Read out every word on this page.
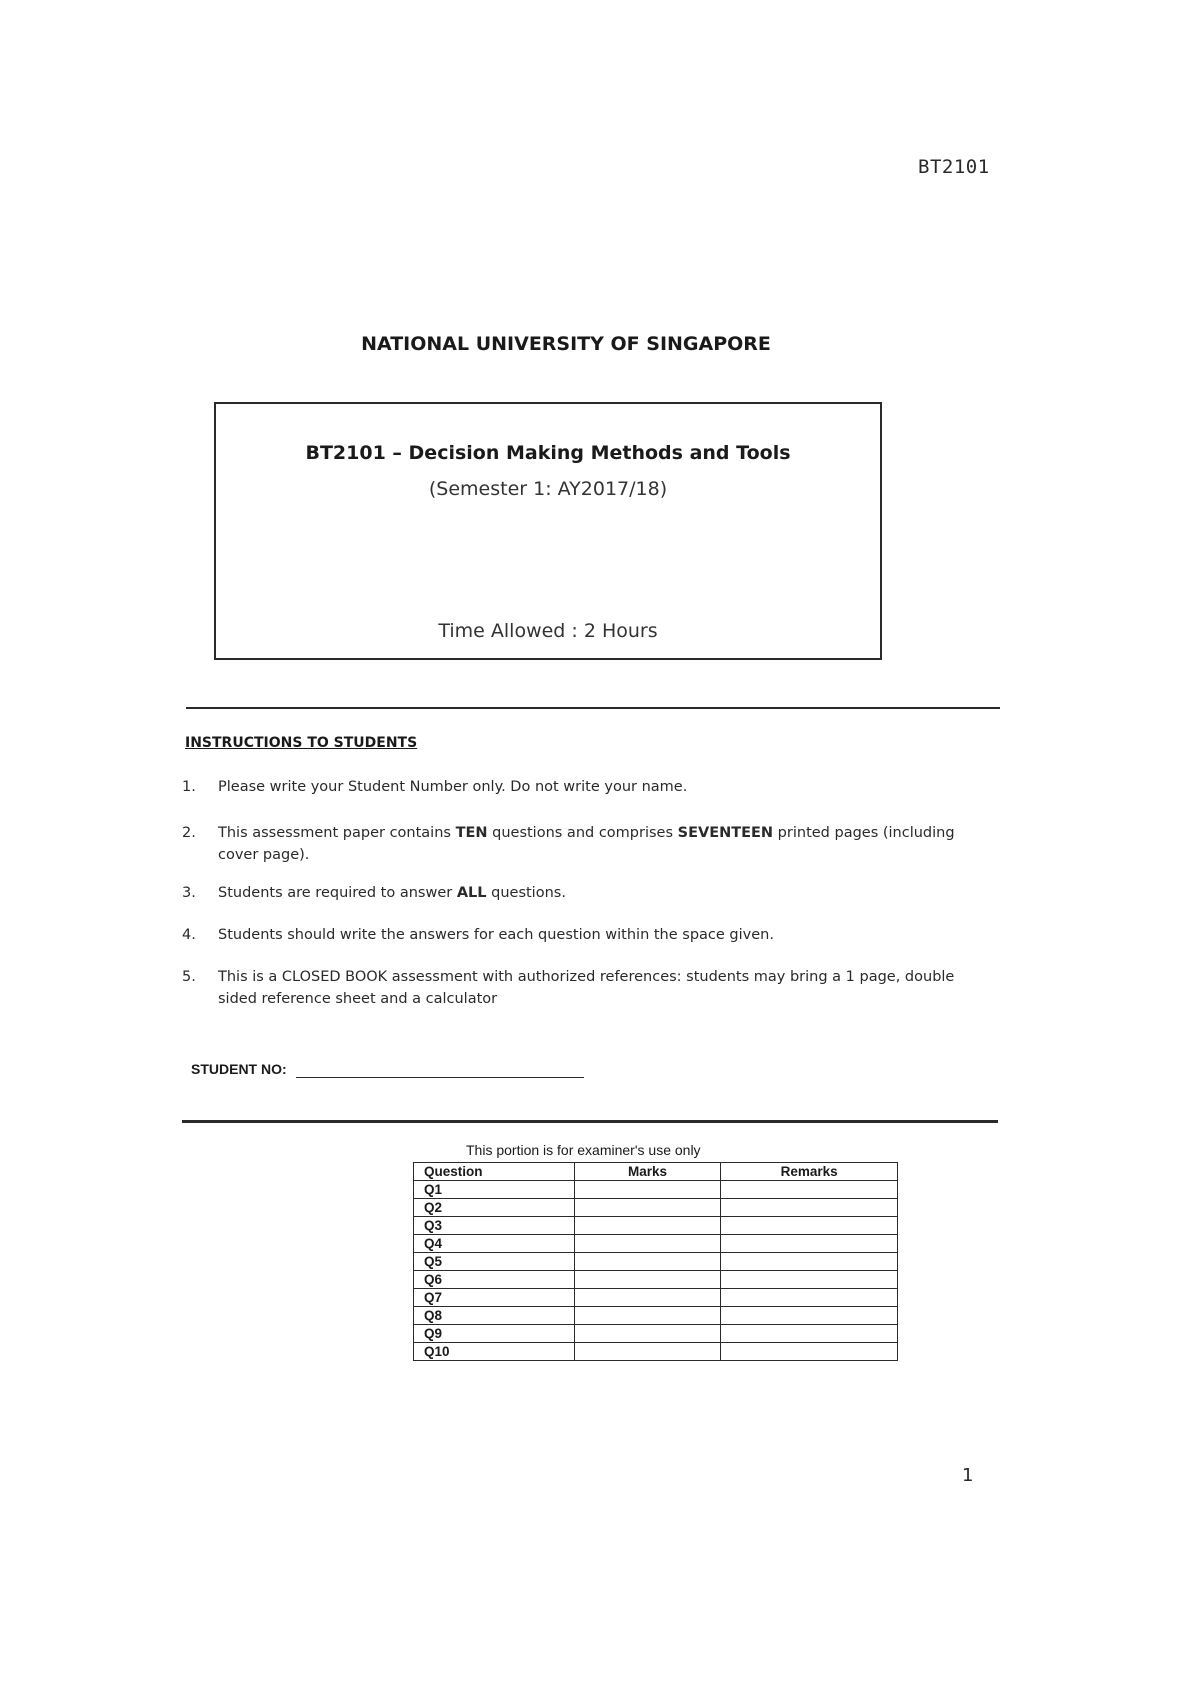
BT2101
NATIONAL UNIVERSITY OF SINGAPORE
BT2101 – Decision Making Methods and Tools
(Semester 1: AY2017/18)
Time Allowed : 2 Hours
INSTRUCTIONS TO STUDENTS
1. Please write your Student Number only. Do not write your name.
2. This assessment paper contains TEN questions and comprises SEVENTEEN printed pages (including cover page).
3. Students are required to answer ALL questions.
4. Students should write the answers for each question within the space given.
5. This is a CLOSED BOOK assessment with authorized references: students may bring a 1 page, double sided reference sheet and a calculator
STUDENT NO:
This portion is for examiner's use only
Question	Marks	Remarks
Q1		
Q2		
Q3		
Q4		
Q5		
Q6		
Q7		
Q8		
Q9		
Q10		
1
